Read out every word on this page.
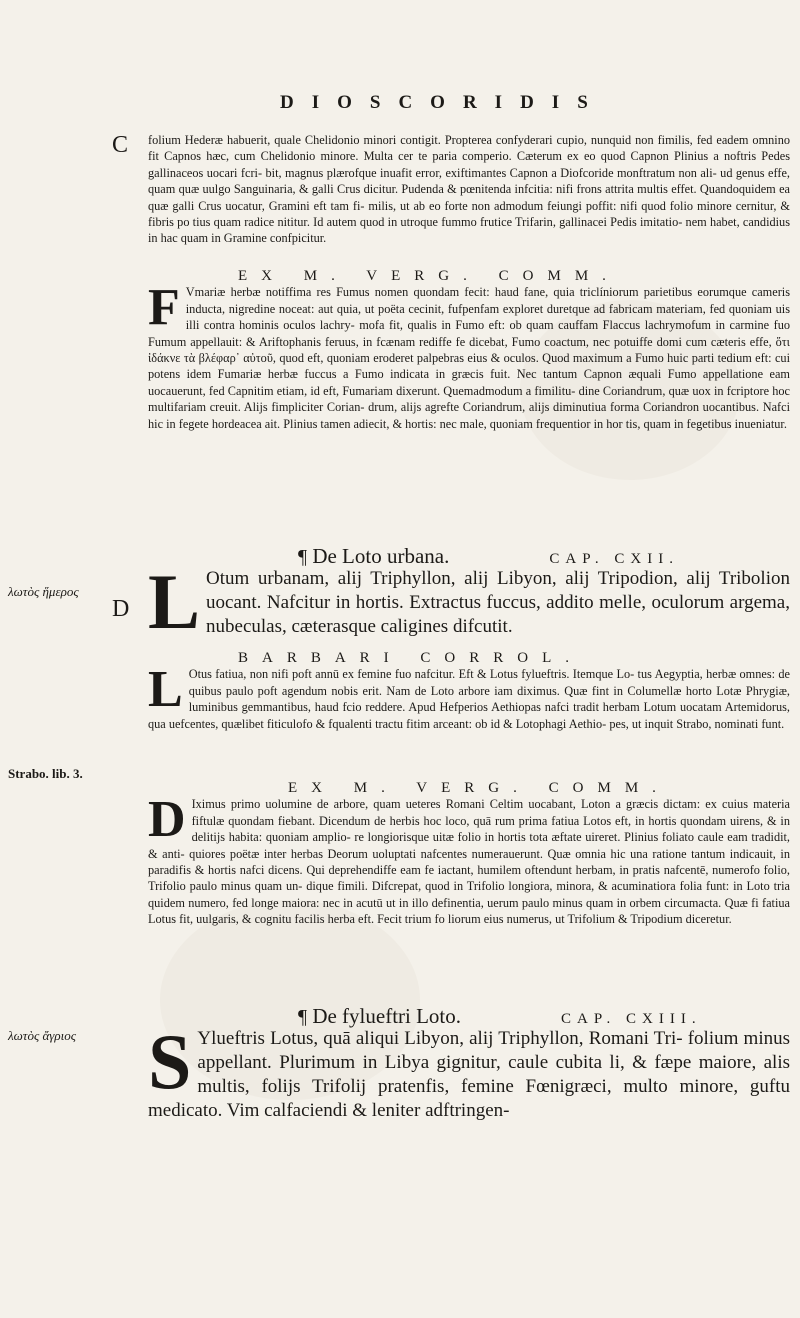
DIOSCORIDIS
C
λωτὸς ἥμερος
D
Strabo. lib. 3.
λωτὸς ἄγριος

folium Hederæ habuerit, quale Chelidonio minori contigit. Propterea confyderari cupio, nunquid non fimilis, fed eadem omnino fit Capnos hæc, cum Chelidonio minore. Multa cer te paria comperio. Cæterum ex eo quod Capnon Plinius a noftris Pedes gallinaceos uocari fcri- bit, magnus plærofque inuafit error, exiftimantes Capnon a Diofcoride monftratum non ali- ud genus effe, quam quæ uulgo Sanguinaria, & galli Crus dicitur. Pudenda & pœnitenda infcitia: nifi frons attrita multis effet. Quandoquidem ea quæ galli Crus uocatur, Gramini eft tam fi- milis, ut ab eo forte non admodum feiungi poffit: nifi quod folio minore cernitur, & fibris po tius quam radice nititur. Id autem quod in utroque fummo frutice Trifarin, gallinacei Pedis imitatio- nem habet, candidius in hac quam in Gramine confpicitur.

EX M. VERG. COMM.

F Vmariæ herbæ notiffima res Fumus nomen quondam fecit: haud fane, quia triclíniorum parietibus eorumque cameris inducta, nigredine noceat: aut quia, ut poëta cecinit, fufpenfam exploret duretque ad fabricam materiam, fed quoniam uis illi contra hominis oculos lachry- mofa fit, qualis in Fumo eft: ob quam cauffam Flaccus lachrymofum in carmine fuo Fumum appellauit: & Ariftophanis feruus, in fcænam rediffe fe dicebat, Fumo coactum, nec potuiffe domi cum cæteris effe, ὅτι ἰδάκνε τὰ βλέφαρ᾽ αὐτοῦ, quod eft, quoniam eroderet palpebras eius & oculos. Quod maximum a Fumo huic parti tedium eft: cui potens idem Fumariæ herbæ fuccus a Fumo indicata in græcis fuit. Nec tantum Capnon æquali Fumo appellatione eam uocauerunt, fed Capnitim etiam, id eft, Fumariam dixerunt. Quemadmodum a fimilitu- dine Coriandrum, quæ uox in fcriptore hoc multifariam creuit. Alijs fimpliciter Corian- drum, alijs agrefte Coriandrum, alijs diminutiua forma Coriandron uocantibus. Nafci hic in fegete hordeacea ait. Plinius tamen adiecit, & hortis: nec male, quoniam frequentior in hor tis, quam in fegetibus inueniatur.

¶ De Loto urbana.	CAP. CXII.

L Otum urbanam, alij Triphyllon, alij Libyon, alij Tripodion, alij Tribolion uocant. Nafcitur in hortis. Extractus fuccus, addito melle, oculorum argema, nubeculas, cæterasque caligines difcutit.

BARBARI CORROL.

L Otus fatiua, non nifi poft annū ex femine fuo nafcitur. Eft & Lotus fylueftris. Itemque Lo- tus Aegyptia, herbæ omnes: de quibus paulo poft agendum nobis erit. Nam de Loto arbore iam diximus. Quæ fint in Columellæ horto Lotæ Phrygiæ, luminibus gemmantibus, haud fcio reddere. Apud Hefperios Aethiopas nafci tradit herbam Lotum uocatam Artemidorus, qua uefcentes, quælibet fiticulofo & fqualenti tractu fitim arceant: ob id & Lotophagi Aethio- pes, ut inquit Strabo, nominati funt.

EX M. VERG. COMM.

D Iximus primo uolumine de arbore, quam ueteres Romani Celtim uocabant, Loton a græcis dictam: ex cuius materia fiftulæ quondam fiebant. Dicendum de herbis hoc loco, quā rum prima fatiua Lotos eft, in hortis quondam uirens, & in delitijs habita: quoniam amplio- re longiorisque uitæ folio in hortis tota æftate uireret. Plinius foliato caule eam tradidit, & anti- quiores poëtæ inter herbas Deorum uoluptati nafcentes numerauerunt. Quæ omnia hic una ratione tantum indicauit, in paradifis & hortis nafci dicens. Qui deprehendiffe eam fe iactant, humilem oftendunt herbam, in pratis nafcentē, numerofo folio, Trifolio paulo minus quam un- dique fimili. Difcrepat, quod in Trifolio longiora, minora, & acuminatiora folia funt: in Loto tria quidem numero, fed longe maiora: nec in acutū ut in illo definentia, uerum paulo minus quam in orbem circumacta. Quæ fi fatiua Lotus fit, uulgaris, & cognitu facilis herba eft. Fecit trium fo liorum eius numerus, ut Trifolium & Tripodium diceretur.

¶ De fylueftri Loto.	CAP. CXIII.

S Ylueftris Lotus, quā aliqui Libyon, alij Triphyllon, Romani Tri- folium minus appellant. Plurimum in Libya gignitur, caule cubita li, & fæpe maiore, alis multis, folijs Trifolij pratenfis, femine Fœnigræci, multo minore, guftu medicato. Vim calfaciendi & leniter adftringen-
